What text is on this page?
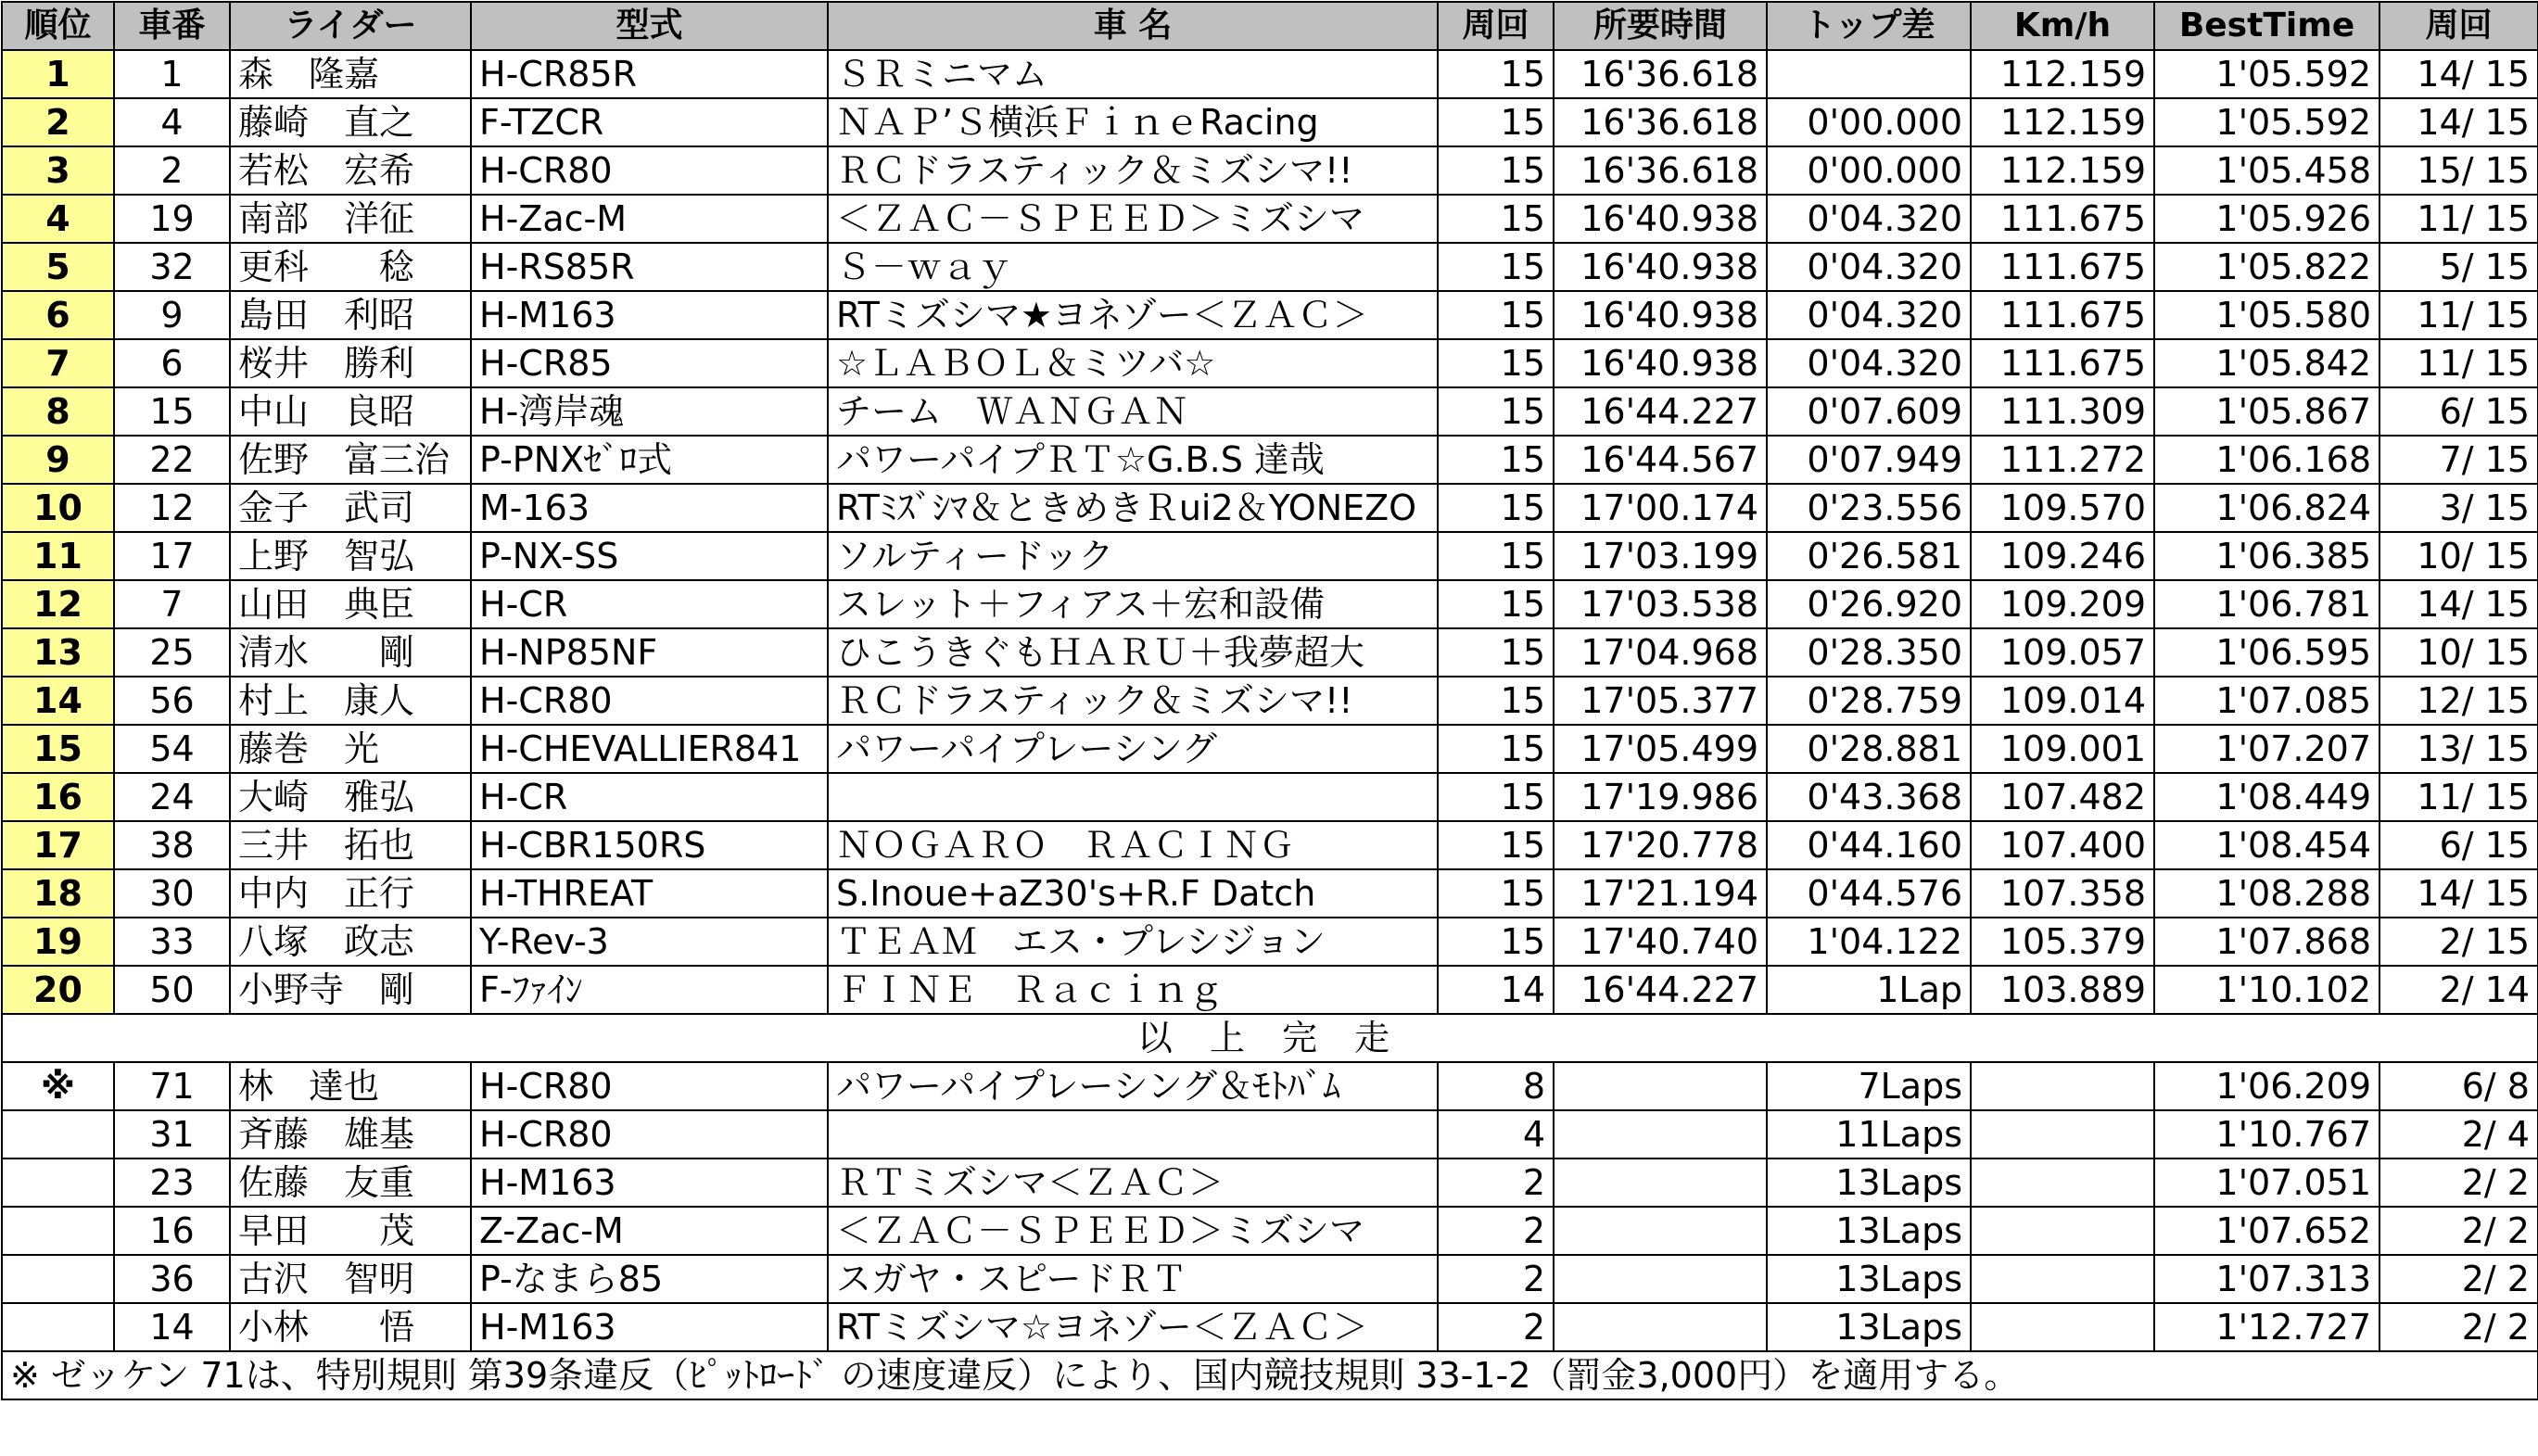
順位	車番	ライダー	型式	車 名	周回	所要時間	トップ差	Km/h	BestTime	周回
1	1	森　隆嘉	H-CR85R	ＳＲミニマム	15	16'36.618		112.159	1'05.592	14/ 15
2	4	藤崎　直之	F-TZCR	ＮＡＰ’Ｓ横浜ＦｉｎｅRacing	15	16'36.618	0'00.000	112.159	1'05.592	14/ 15
3	2	若松　宏希	H-CR80	ＲＣドラスティック＆ミズシマ!!	15	16'36.618	0'00.000	112.159	1'05.458	15/ 15
4	19	南部　洋征	H-Zac-M	＜ＺＡＣ－ＳＰＥＥＤ＞ミズシマ	15	16'40.938	0'04.320	111.675	1'05.926	11/ 15
5	32	更科　　稔	H-RS85R	Ｓ－ｗａｙ	15	16'40.938	0'04.320	111.675	1'05.822	5/ 15
6	9	島田　利昭	H-M163	RTミズシマ★ヨネゾー＜ＺＡＣ＞	15	16'40.938	0'04.320	111.675	1'05.580	11/ 15
7	6	桜井　勝利	H-CR85	☆ＬＡＢＯＬ＆ミツバ☆	15	16'40.938	0'04.320	111.675	1'05.842	11/ 15
8	15	中山　良昭	H-湾岸魂	チーム　ＷＡＮＧＡＮ	15	16'44.227	0'07.609	111.309	1'05.867	6/ 15
9	22	佐野　富三治	P-PNXｾﾞﾛ式	パワーパイプＲＴ☆G.B.S 達哉	15	16'44.567	0'07.949	111.272	1'06.168	7/ 15
10	12	金子　武司	M-163	RTﾐｽﾞｼﾏ＆ときめきＲui2＆YONEZO	15	17'00.174	0'23.556	109.570	1'06.824	3/ 15
11	17	上野　智弘	P-NX-SS	ソルティードック	15	17'03.199	0'26.581	109.246	1'06.385	10/ 15
12	7	山田　典臣	H-CR	スレット＋フィアス＋宏和設備	15	17'03.538	0'26.920	109.209	1'06.781	14/ 15
13	25	清水　　剛	H-NP85NF	ひこうきぐもＨＡＲＵ＋我夢超大	15	17'04.968	0'28.350	109.057	1'06.595	10/ 15
14	56	村上　康人	H-CR80	ＲＣドラスティック＆ミズシマ!!	15	17'05.377	0'28.759	109.014	1'07.085	12/ 15
15	54	藤巻　光	H-CHEVALLIER841	パワーパイプレーシング	15	17'05.499	0'28.881	109.001	1'07.207	13/ 15
16	24	大崎　雅弘	H-CR		15	17'19.986	0'43.368	107.482	1'08.449	11/ 15
17	38	三井　拓也	H-CBR150RS	ＮＯＧＡＲＯ　ＲＡＣＩＮＧ	15	17'20.778	0'44.160	107.400	1'08.454	6/ 15
18	30	中内　正行	H-THREAT	S.Inoue+aZ30's+R.F Datch	15	17'21.194	0'44.576	107.358	1'08.288	14/ 15
19	33	八塚　政志	Y-Rev-3	ＴＥＡＭ　エス・プレシジョン	15	17'40.740	1'04.122	105.379	1'07.868	2/ 15
20	50	小野寺　剛	F-ﾌｧｲﾝ	ＦＩＮＥ　Ｒａｃｉｎｇ	14	16'44.227	1Lap	103.889	1'10.102	2/ 14
以 上 完 走										
※	71	林　達也	H-CR80	パワーパイプレーシング＆ﾓﾄﾊﾞﾑ	8		7Laps		1'06.209	6/ 8
	31	斉藤　雄基	H-CR80		4		11Laps		1'10.767	2/ 4
	23	佐藤　友重	H-M163	ＲＴミズシマ＜ＺＡＣ＞	2		13Laps		1'07.051	2/ 2
	16	早田　　茂	Z-Zac-M	＜ＺＡＣ－ＳＰＥＥＤ＞ミズシマ	2		13Laps		1'07.652	2/ 2
	36	古沢　智明	P-なまら85	スガヤ・スピードＲＴ	2		13Laps		1'07.313	2/ 2
	14	小林　　悟	H-M163	RTミズシマ☆ヨネゾー＜ＺＡＣ＞	2		13Laps		1'12.727	2/ 2
※ ゼッケン 71は、特別規則 第39条違反（ﾋﾟｯﾄﾛｰﾄﾞ の速度違反）により、国内競技規則 33-1-2（罰金3,000円）を適用する。										
